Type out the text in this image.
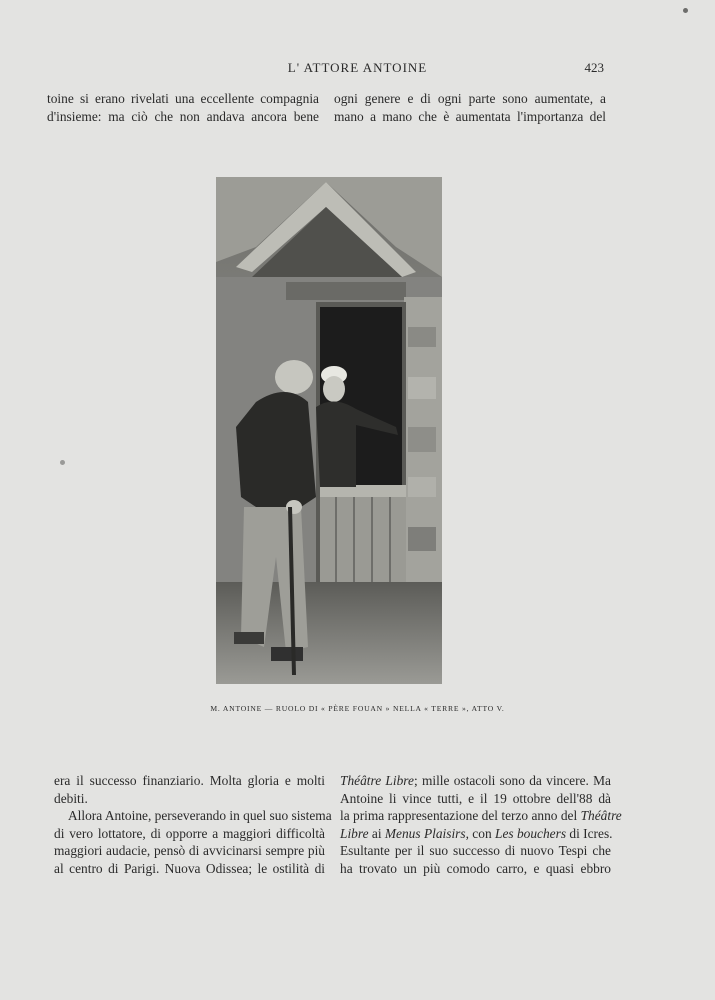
L' ATTORE ANTOINE	423
toine si erano rivelati una eccellente compagnia
d'insieme: ma ciò che non andava ancora bene
ogni genere e di ogni parte sono aumentate, a
mano a mano che è aumentata l'importanza del
M. ANTOINE — RUOLO DI « PÈRE FOUAN » NELLA « TERRE », ATTO V.
era il successo finanziario. Molta gloria e molti
debiti.
Allora Antoine, perseverando in quel suo sistema
di vero lottatore, di opporre a maggiori difficoltà
maggiori audacie, pensò di avvicinarsi sempre più
al centro di Parigi. Nuova Odissea; le ostilità di
Théâtre Libre; mille ostacoli sono da vincere. Ma
Antoine li vince tutti, e il 19 ottobre dell'88 dà
la prima rappresentazione del terzo anno del Théâtre
Libre ai Menus Plaisirs, con Les bouchers di Icres.
Esultante per il suo successo di nuovo Tespi che
ha trovato un più comodo carro, e quasi ebbro
